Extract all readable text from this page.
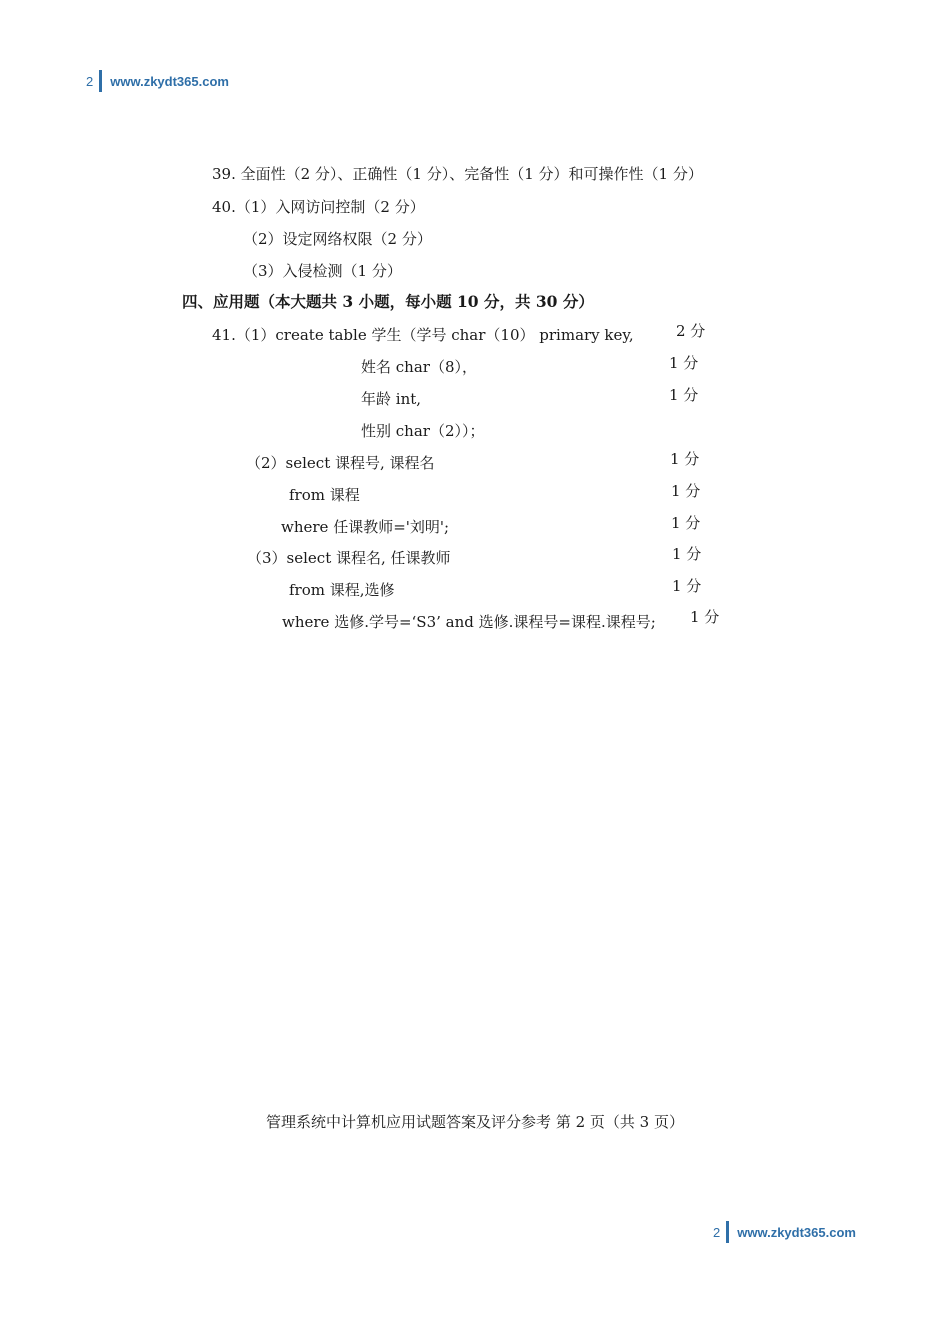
2 www.zkydt365.com
39. 全面性（2 分）、正确性（1 分）、完备性（1 分）和可操作性（1 分）
40.（1）入网访问控制（2 分）
（2）设定网络权限（2 分）
（3）入侵检测（1 分）
四、应用题（本大题共 3 小题，每小题 10 分，共 30 分）
41.（1）create table 学生（学号 char（10） primary key,	2 分
姓名 char（8），	1 分
年龄 int,	1 分
性别 char（2））；
（2）select 课程号, 课程名	1 分
from 课程	1 分
where 任课教师='刘明';	1 分
（3）select 课程名, 任课教师	1 分
from 课程,选修	1 分
where 选修.学号=‘S3’ and 选修.课程号=课程.课程号; 1 分
管理系统中计算机应用试题答案及评分参考 第 2 页（共 3 页）
2 www.zkydt365.com
